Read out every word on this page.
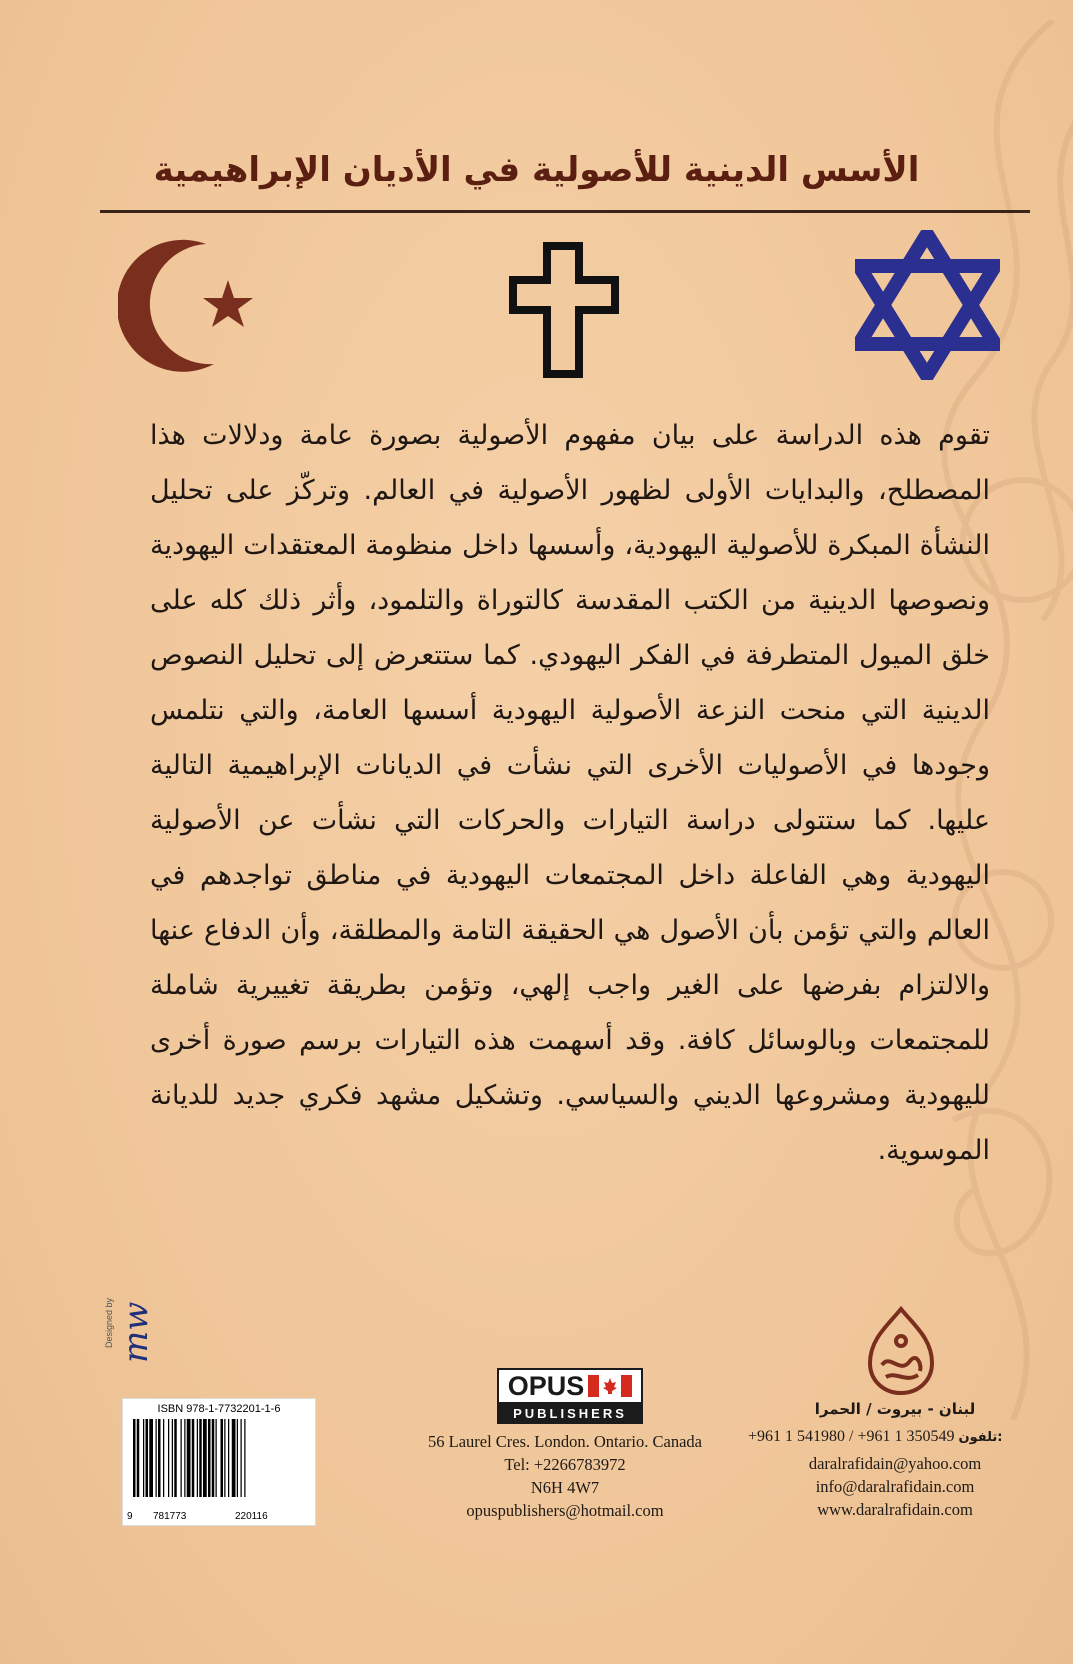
الأسس الدينية للأصولية في الأديان الإبراهيمية
تقوم هذه الدراسة على بيان مفهوم الأصولية بصورة عامة ودلالات هذا المصطلح، والبدايات الأولى لظهور الأصولية في العالم. وتركّز على تحليل النشأة المبكرة للأصولية اليهودية، وأسسها داخل منظومة المعتقدات اليهودية ونصوصها الدينية من الكتب المقدسة كالتوراة والتلمود، وأثر ذلك كله على خلق الميول المتطرفة في الفكر اليهودي. كما ستتعرض إلى تحليل النصوص الدينية التي منحت النزعة الأصولية اليهودية أسسها العامة، والتي نتلمس وجودها في الأصوليات الأخرى التي نشأت في الديانات الإبراهيمية التالية عليها. كما ستتولى دراسة التيارات والحركات التي نشأت عن الأصولية اليهودية وهي الفاعلة داخل المجتمعات اليهودية في مناطق تواجدهم في العالم والتي تؤمن بأن الأصول هي الحقيقة التامة والمطلقة، وأن الدفاع عنها والالتزام بفرضها على الغير واجب إلهي، وتؤمن بطريقة تغييرية شاملة للمجتمعات وبالوسائل كافة. وقد أسهمت هذه التيارات برسم صورة أخرى لليهودية ومشروعها الديني والسياسي. وتشكيل مشهد فكري جديد للديانة الموسوية.
mw
Designed by
ISBN 978-1-7732201-1-6
9 781773	220116
OPUS
PUBLISHERS
56 Laurel Cres. London. Ontario. Canada
Tel: +2266783972
N6H 4W7
opuspublishers@hotmail.com
لبنان - بيروت / الحمرا
+961 1 541980 / +961 1 350549 تلفون:
daralrafidain@yahoo.com
info@daralrafidain.com
www.daralrafidain.com
